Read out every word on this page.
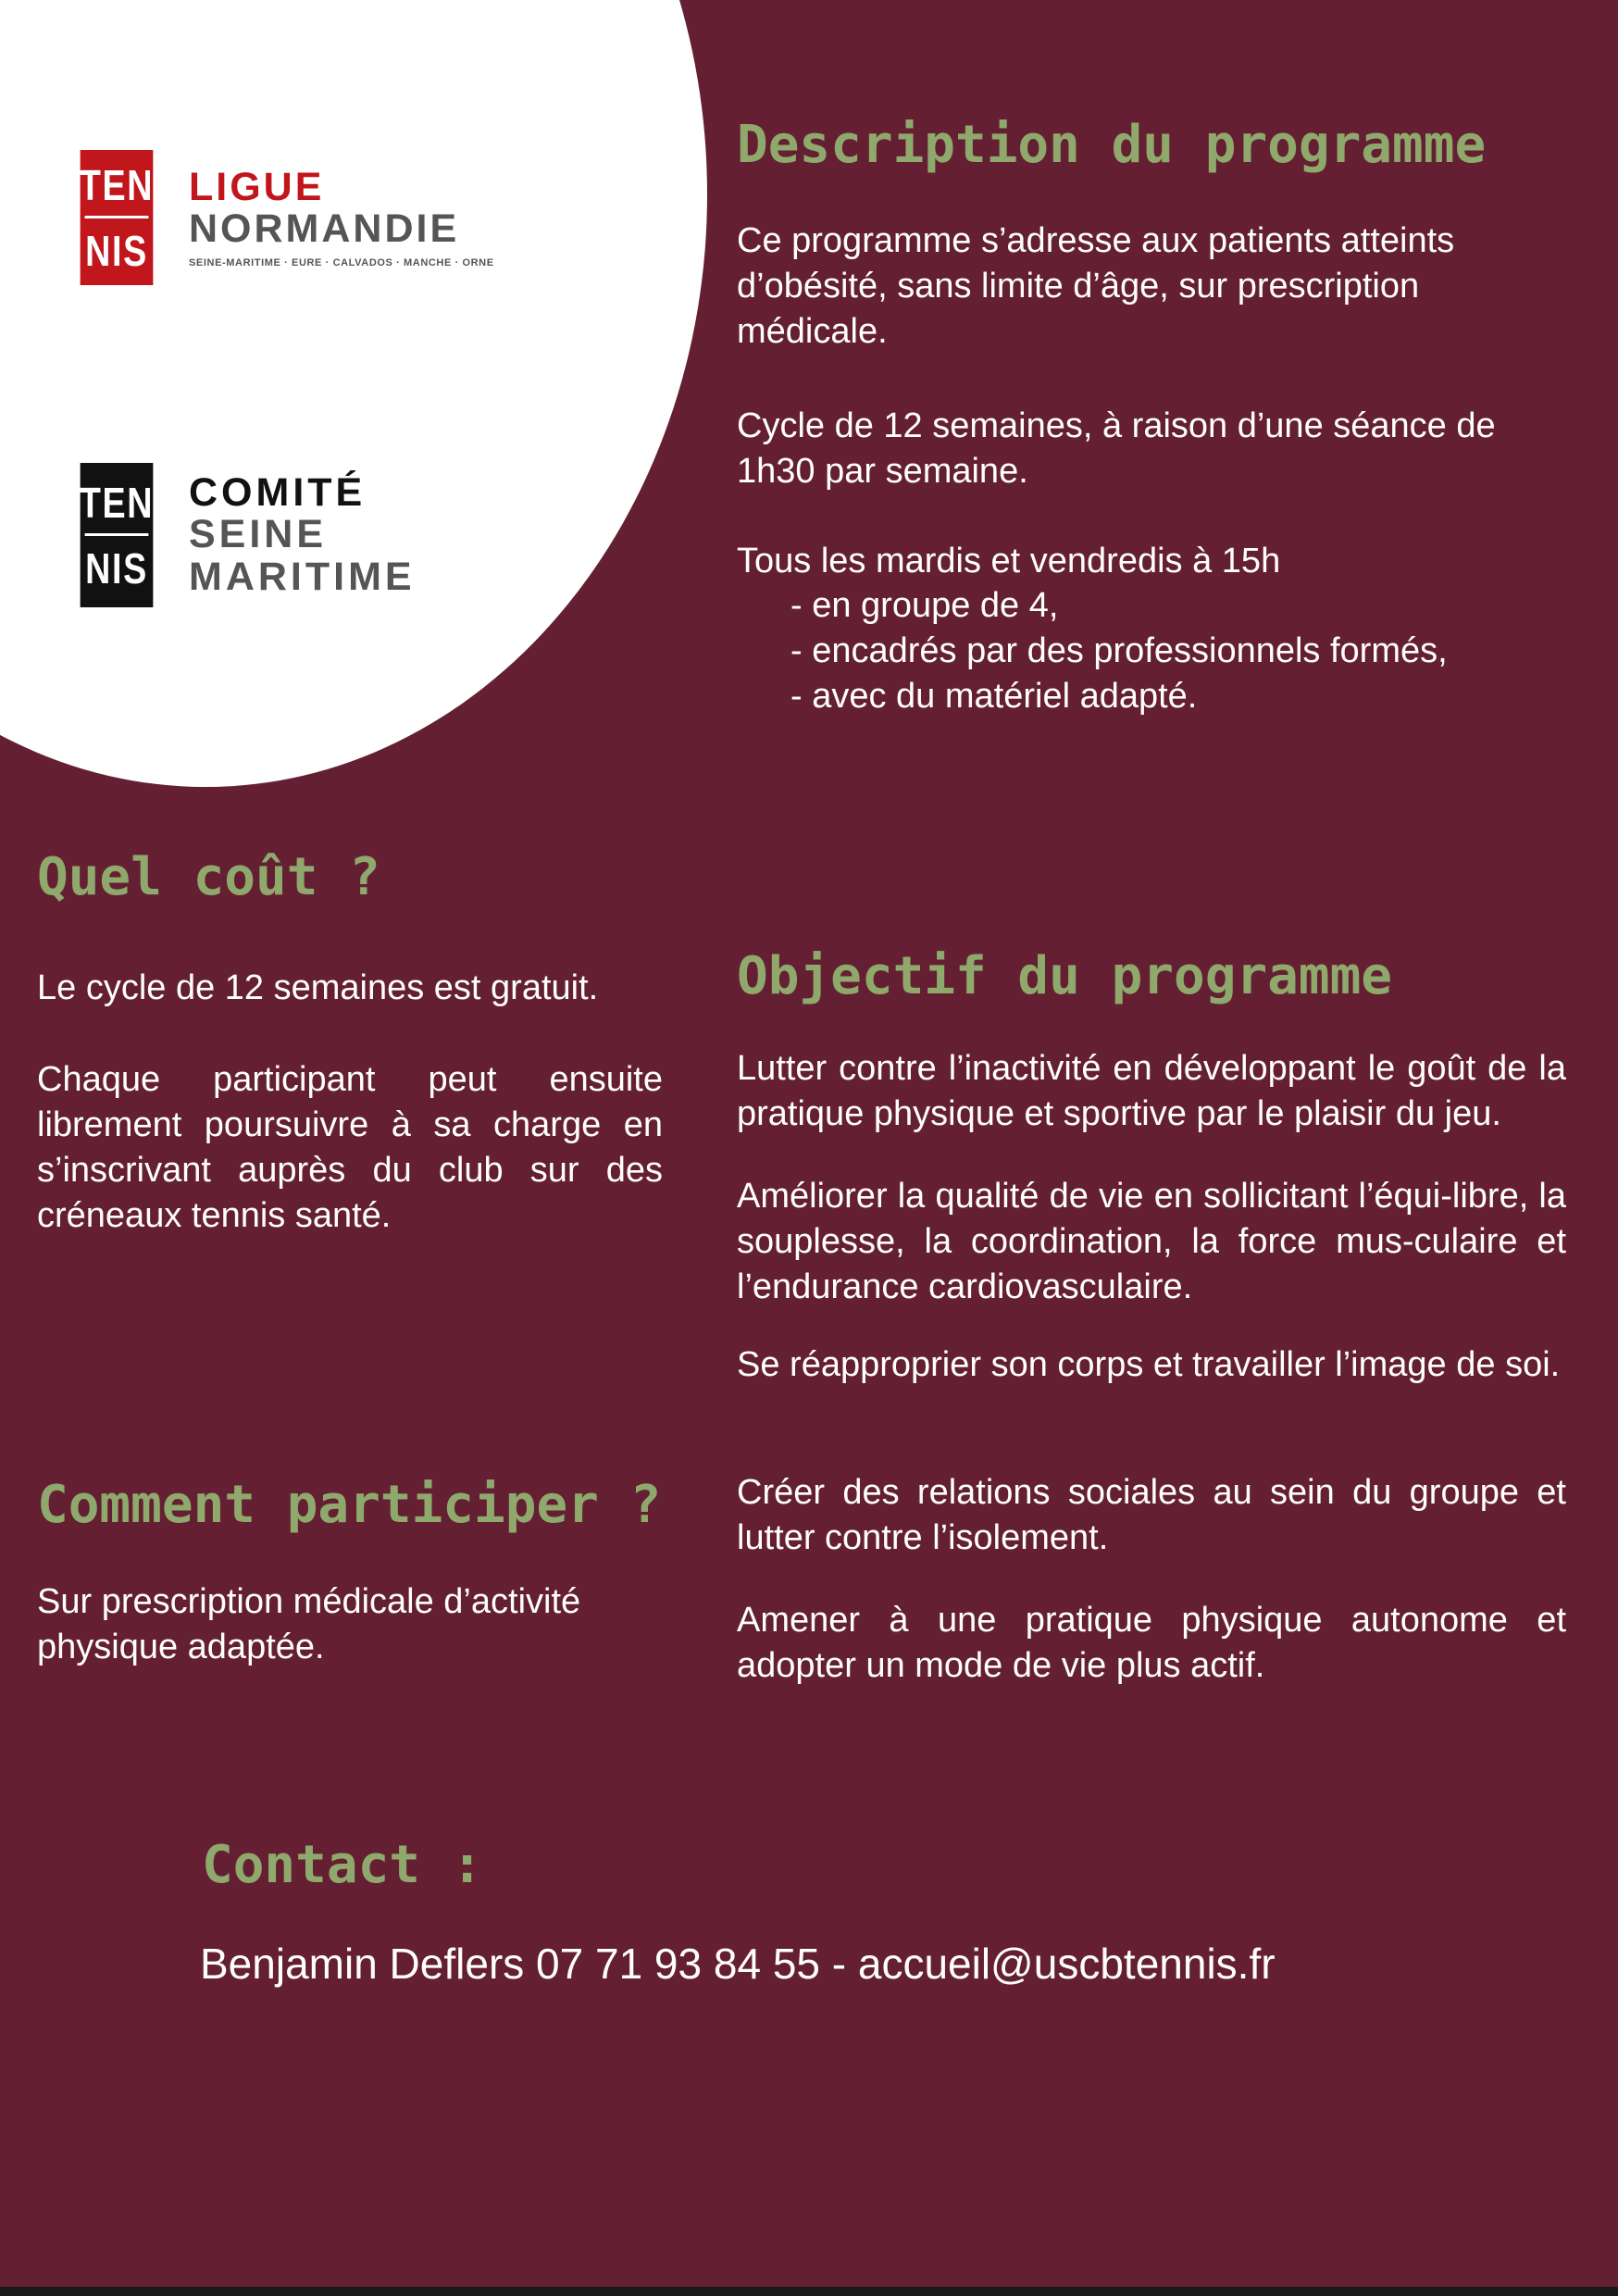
TEN
NIS
LIGUE
NORMANDIE
SEINE-MARITIME · EURE · CALVADOS · MANCHE · ORNE
TEN
NIS
COMITÉ
SEINE
MARITIME
Description du programme

Ce programme s’adresse aux patients atteints d’obésité, sans limite d’âge, sur prescription médicale.

Cycle de 12 semaines, à raison d’une séance de 1h30 par semaine.

Tous les mardis et vendredis à 15h

- en groupe de 4,
- encadrés par des professionnels formés,
- avec du matériel adapté.
Quel coût ?

Le cycle de 12 semaines est gratuit.

Chaque participant peut ensuite librement poursuivre à sa charge en s’inscrivant auprès du club sur des créneaux tennis santé.

Objectif du programme

Lutter contre l’inactivité en développant le goût de la pratique physique et sportive par le plaisir du jeu.

Améliorer la qualité de vie en sollicitant l’équi-libre, la souplesse, la coordination, la force mus-culaire et l’endurance cardiovasculaire.

Se réapproprier son corps et travailler l’image de soi.

Créer des relations sociales au sein du groupe et lutter contre l’isolement.

Amener à une pratique physique autonome et adopter un mode de vie plus actif.

Comment participer ?

Sur prescription médicale d’activité physique adaptée.

Contact :

Benjamin Deflers 07 71 93 84 55 - accueil@uscbtennis.fr
